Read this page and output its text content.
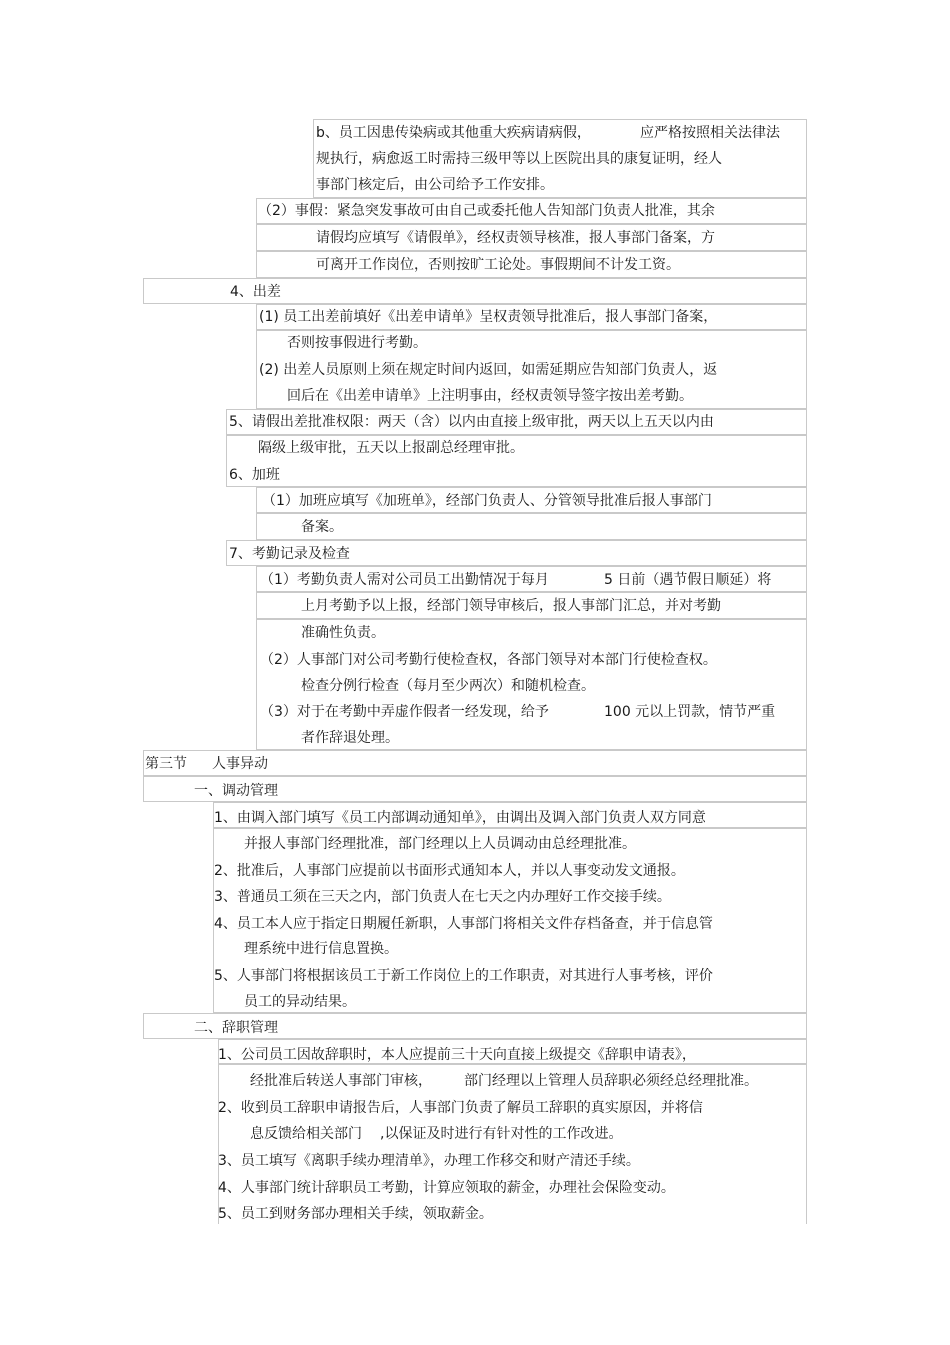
b、员工因患传染病或其他重大疾病请病假，	应严格按照相关法律法
规执行，病愈返工时需持三级甲等以上医院出具的康复证明，经人
事部门核定后，由公司给予工作安排。
（2）事假：紧急突发事故可由自己或委托他人告知部门负责人批准，其余
请假均应填写《请假单》，经权责领导核准，报人事部门备案，方
可离开工作岗位，否则按旷工论处。事假期间不计发工资。
4、出差
(1) 员工出差前填好《出差申请单》呈权责领导批准后，报人事部门备案，
否则按事假进行考勤。
(2) 出差人员原则上须在规定时间内返回，如需延期应告知部门负责人，返
回后在《出差申请单》上注明事由，经权责领导签字按出差考勤。
5、请假出差批准权限：两天（含）以内由直接上级审批，两天以上五天以内由
隔级上级审批，五天以上报副总经理审批。
6、加班
（1）加班应填写《加班单》，经部门负责人、分管领导批准后报人事部门
备案。
7、考勤记录及检查
（1）考勤负责人需对公司员工出勤情况于每月	5 日前（遇节假日顺延）将
上月考勤予以上报，经部门领导审核后，报人事部门汇总，并对考勤
准确性负责。
（2）人事部门对公司考勤行使检查权，各部门领导对本部门行使检查权。
检查分例行检查（每月至少两次）和随机检查。
（3）对于在考勤中弄虚作假者一经发现，给予	100 元以上罚款，情节严重
者作辞退处理。
第三节 人事异动
一、调动管理
1、由调入部门填写《员工内部调动通知单》，由调出及调入部门负责人双方同意
并报人事部门经理批准，部门经理以上人员调动由总经理批准。
2、批准后，人事部门应提前以书面形式通知本人，并以人事变动发文通报。
3、普通员工须在三天之内，部门负责人在七天之内办理好工作交接手续。
4、员工本人应于指定日期履任新职，人事部门将相关文件存档备查，并于信息管
理系统中进行信息置换。
5、人事部门将根据该员工于新工作岗位上的工作职责，对其进行人事考核，评价
员工的异动结果。
二、辞职管理
1、公司员工因故辞职时，本人应提前三十天向直接上级提交《辞职申请表》，
经批准后转送人事部门审核， 部门经理以上管理人员辞职必须经总经理批准。
2、收到员工辞职申请报告后，人事部门负责了解员工辞职的真实原因，并将信
息反馈给相关部门 ,以保证及时进行有针对性的工作改进。
3、员工填写《离职手续办理清单》，办理工作移交和财产清还手续。
4、人事部门统计辞职员工考勤，计算应领取的薪金，办理社会保险变动。
5、员工到财务部办理相关手续，领取薪金。
